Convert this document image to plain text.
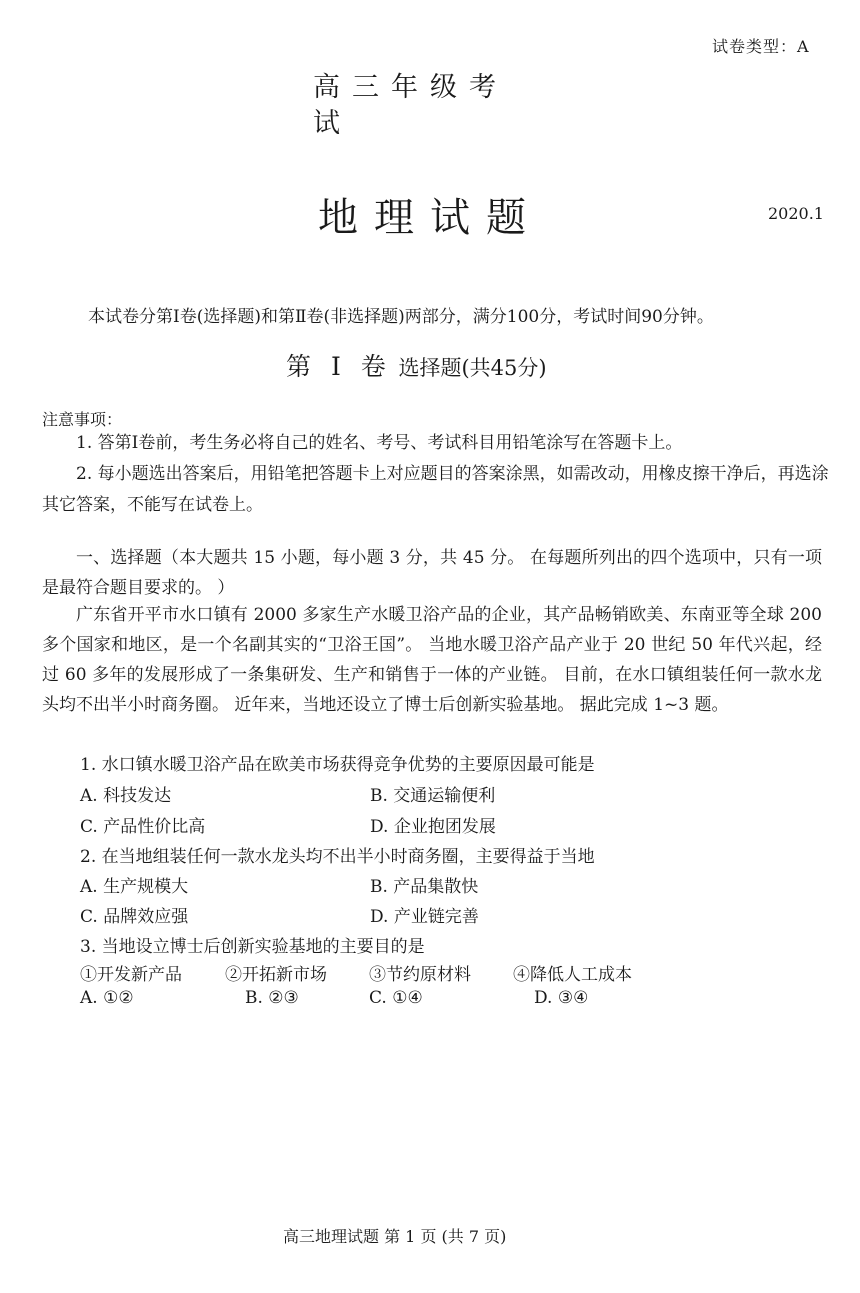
试卷类型：A
高三年级考试
地理试题	2020.1
本试卷分第Ⅰ卷(选择题)和第Ⅱ卷(非选择题)两部分，满分100分，考试时间90分钟。
第 Ⅰ 卷 选择题(共45分)
注意事项：
1. 答第Ⅰ卷前，考生务必将自己的姓名、考号、考试科目用铅笔涂写在答题卡上。
2. 每小题选出答案后，用铅笔把答题卡上对应题目的答案涂黑，如需改动，用橡皮擦干净后，再选涂其它答案，不能写在试卷上。
一、选择题（本大题共 15 小题，每小题 3 分，共 45 分。 在每题所列出的四个选项中，只有一项是最符合题目要求的。 ）
广东省开平市水口镇有 2000 多家生产水暖卫浴产品的企业，其产品畅销欧美、东南亚等全球 200 多个国家和地区，是一个名副其实的“卫浴王国”。 当地水暖卫浴产品产业于 20 世纪 50 年代兴起，经过 60 多年的发展形成了一条集研发、生产和销售于一体的产业链。 目前，在水口镇组装任何一款水龙头均不出半小时商务圈。 近年来，当地还设立了博士后创新实验基地。 据此完成 1~3 题。
1. 水口镇水暖卫浴产品在欧美市场获得竞争优势的主要原因最可能是
A. 科技发达	B. 交通运输便利
C. 产品性价比高	D. 企业抱团发展
2. 在当地组装任何一款水龙头均不出半小时商务圈，主要得益于当地
A. 生产规模大	B. 产品集散快
C. 品牌效应强	D. 产业链完善
3. 当地设立博士后创新实验基地的主要目的是
①开发新产品	②开拓新市场 ③节约原材料 ④降低人工成本
A. ①②	B. ②③	C. ①④	D. ③④
高三地理试题 第 1 页 (共 7 页)
